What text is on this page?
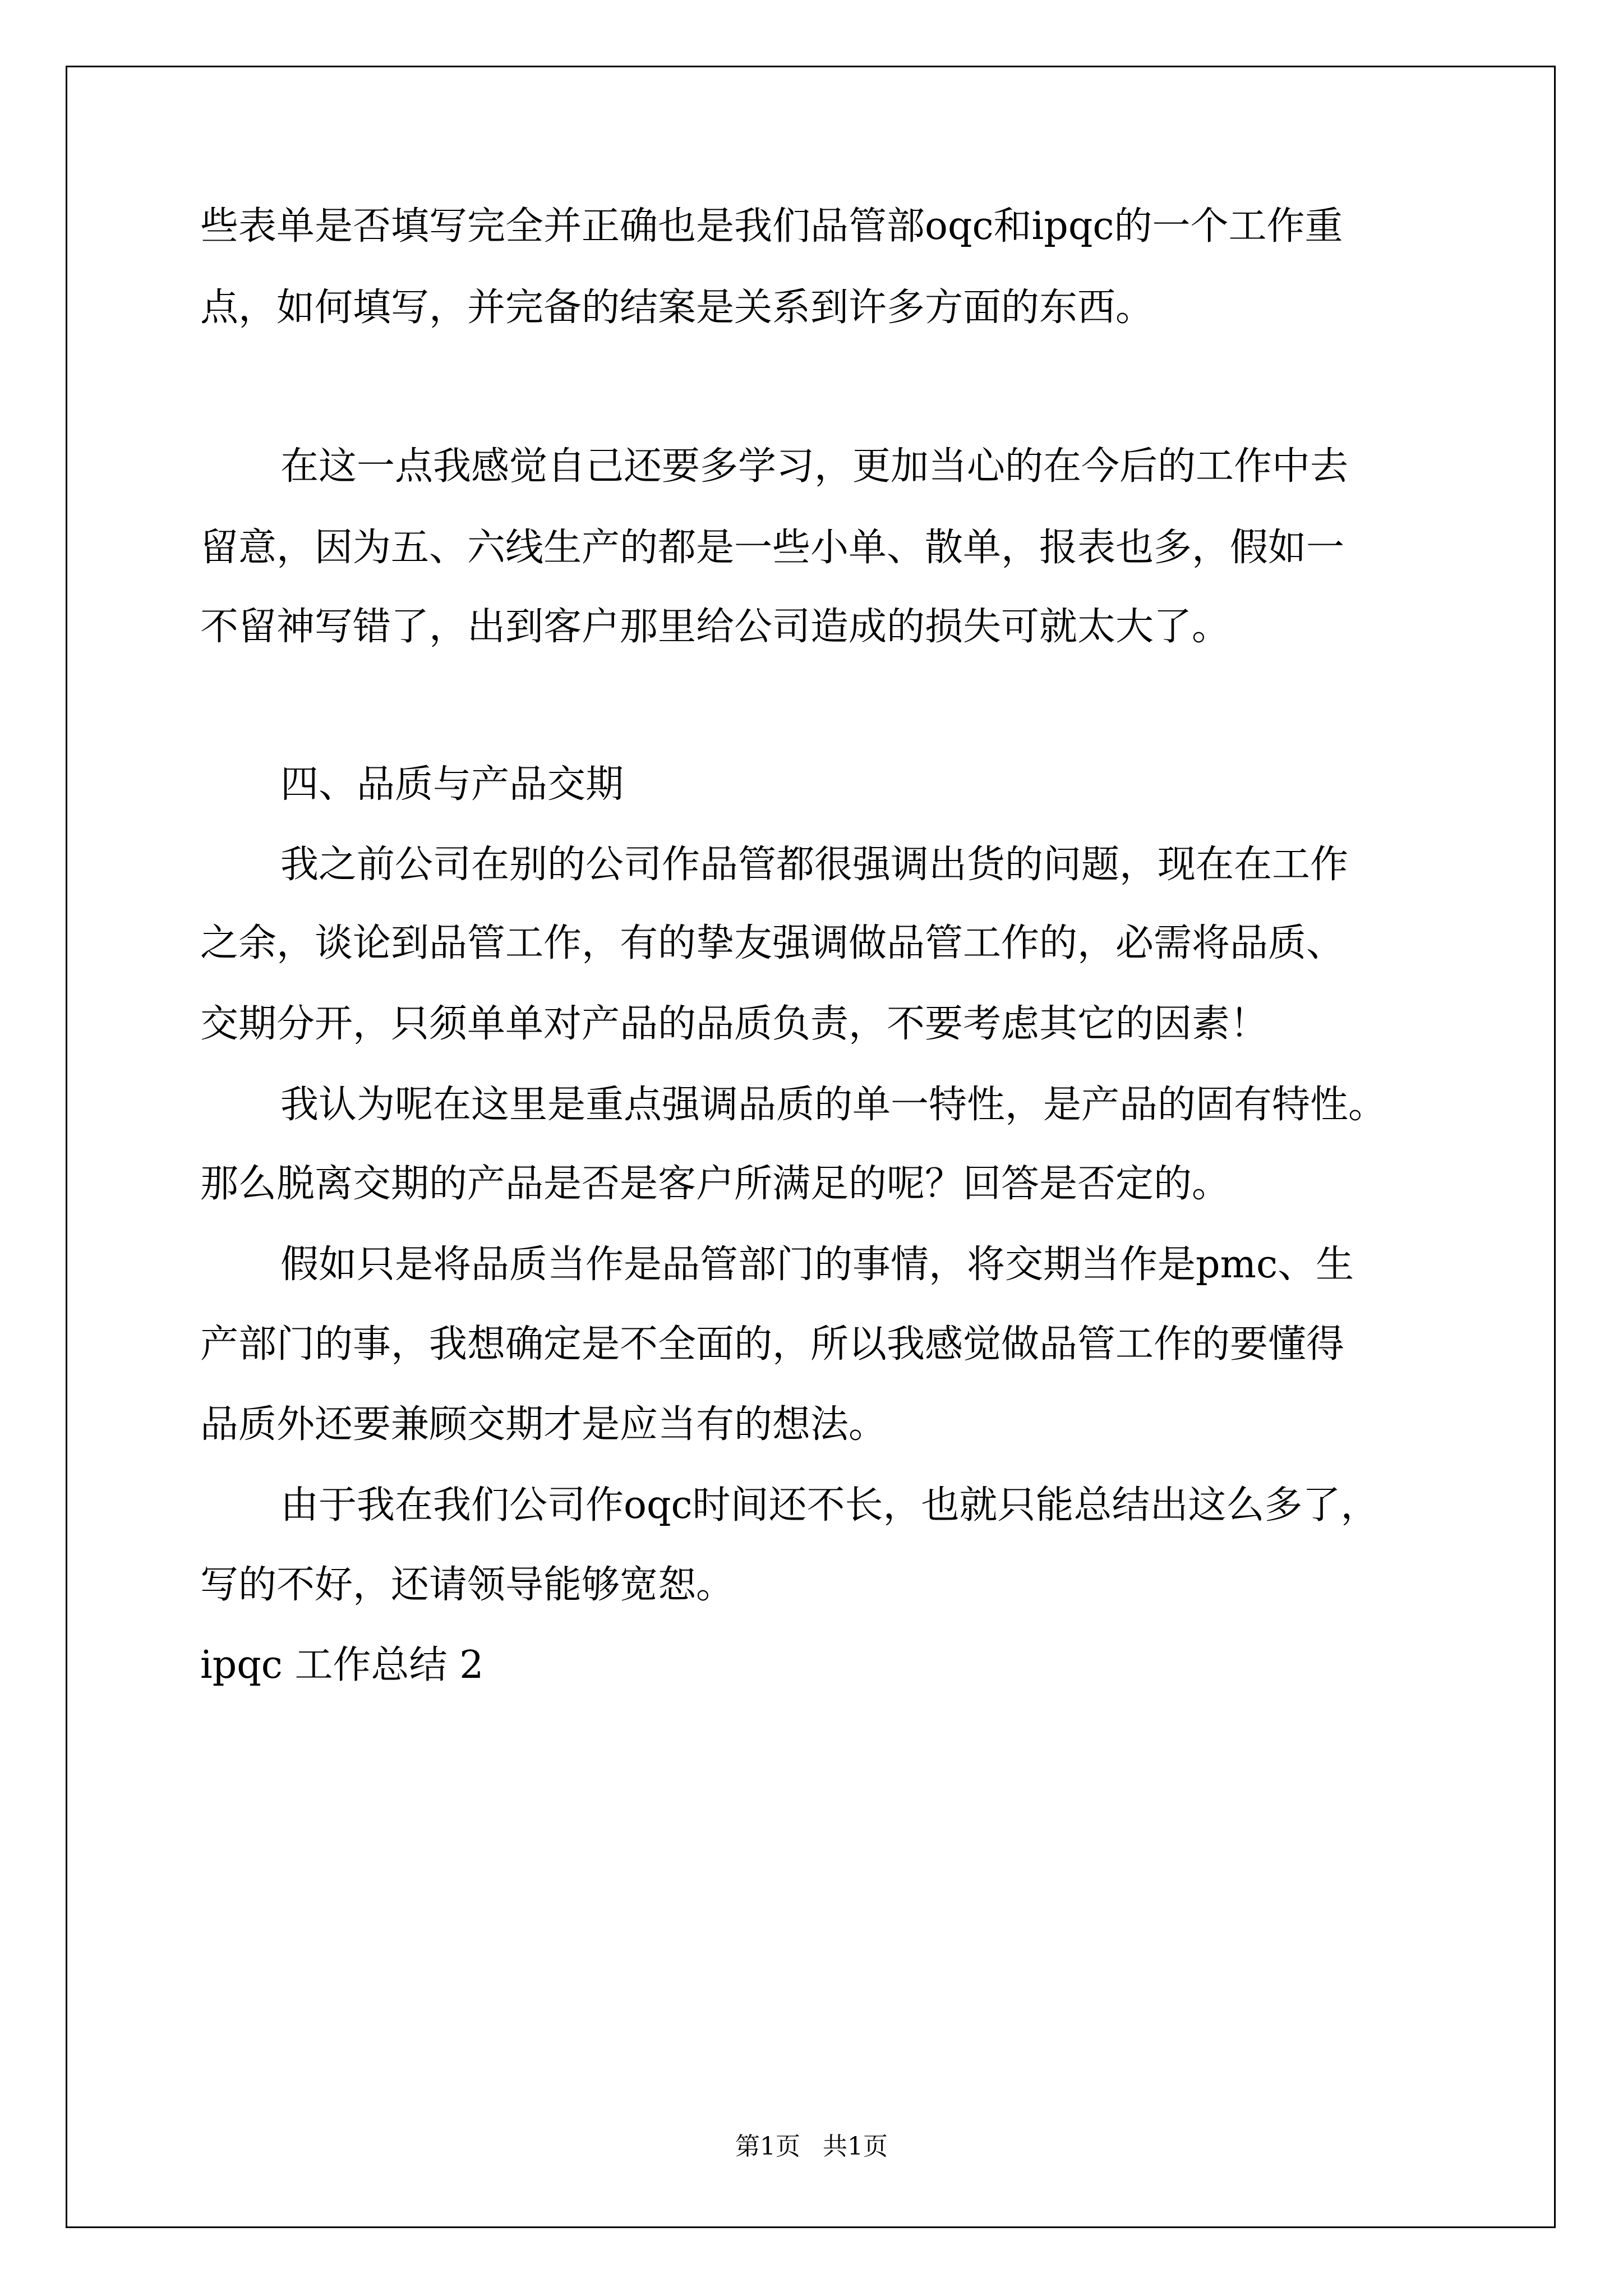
些表单是否填写完全并正确也是我们品管部oqc和ipqc的一个工作重
点，如何填写，并完备的结案是关系到许多方面的东西。
在这一点我感觉自己还要多学习，更加当心的在今后的工作中去
留意，因为五、六线生产的都是一些小单、散单，报表也多，假如一
不留神写错了，出到客户那里给公司造成的损失可就太大了。
四、品质与产品交期
我之前公司在别的公司作品管都很强调出货的问题，现在在工作
之余，谈论到品管工作，有的挚友强调做品管工作的，必需将品质、
交期分开，只须单单对产品的品质负责，不要考虑其它的因素！
我认为呢在这里是重点强调品质的单一特性，是产品的固有特性。
那么脱离交期的产品是否是客户所满足的呢？回答是否定的。
假如只是将品质当作是品管部门的事情，将交期当作是pmc、生
产部门的事，我想确定是不全面的，所以我感觉做品管工作的要懂得
品质外还要兼顾交期才是应当有的想法。
由于我在我们公司作oqc时间还不长，也就只能总结出这么多了，
写的不好，还请领导能够宽恕。
ipqc 工作总结 2
第1页 共1页
